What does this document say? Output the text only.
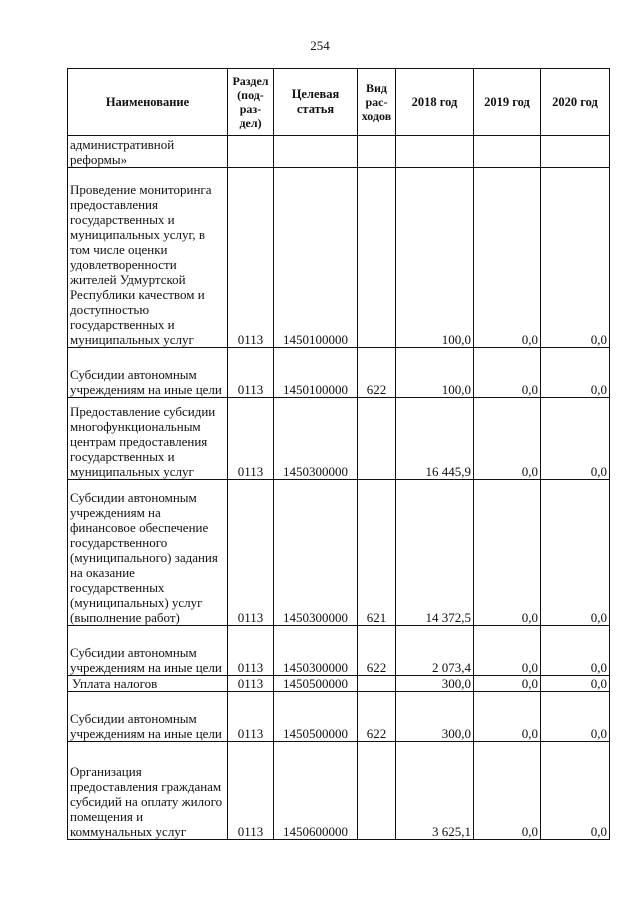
254
Наименование	Раздел (под-раз-дел)	Целевая статья	Вид рас-ходов	2018 год	2019 год	2020 год
административной реформы»						
Проведение мониторинга предоставления государственных и муниципальных услуг, в том числе оценки удовлетворенности жителей Удмуртской Республики качеством и доступностью государственных и муниципальных услуг	0113	1450100000		100,0	0,0	0,0
Субсидии автономным учреждениям на иные цели	0113	1450100000	622	100,0	0,0	0,0
Предоставление субсидии многофункциональным центрам предоставления государственных и муниципальных услуг	0113	1450300000		16 445,9	0,0	0,0
Субсидии автономным учреждениям на финансовое обеспечение государственного (муниципального) задания на оказание государственных (муниципальных) услуг (выполнение работ)	0113	1450300000	621	14 372,5	0,0	0,0
Субсидии автономным учреждениям на иные цели	0113	1450300000	622	2 073,4	0,0	0,0
Уплата налогов	0113	1450500000		300,0	0,0	0,0
Субсидии автономным учреждениям на иные цели	0113	1450500000	622	300,0	0,0	0,0
Организация предоставления гражданам субсидий на оплату жилого помещения и коммунальных услуг	0113	1450600000		3 625,1	0,0	0,0
